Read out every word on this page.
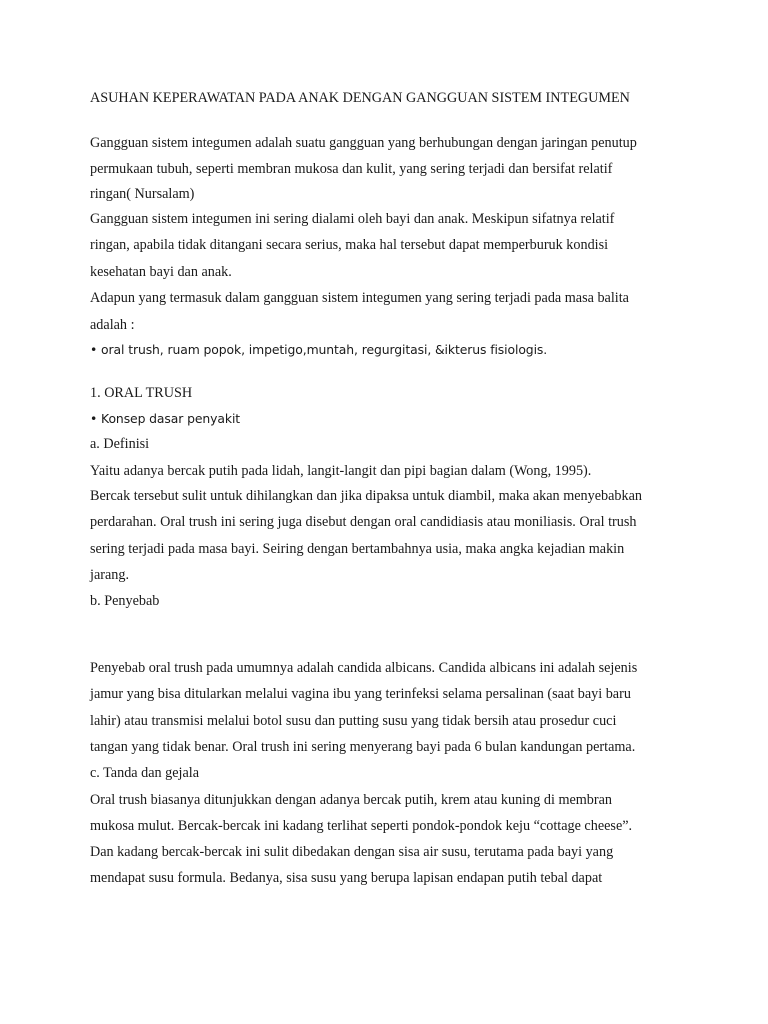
ASUHAN KEPERAWATAN PADA ANAK DENGAN GANGGUAN SISTEM INTEGUMEN
Gangguan sistem integumen adalah suatu gangguan yang berhubungan dengan jaringan penutup
permukaan tubuh, seperti membran mukosa dan kulit, yang sering terjadi dan bersifat relatif
ringan( Nursalam)
Gangguan sistem integumen ini sering dialami oleh bayi dan anak. Meskipun sifatnya relatif
ringan, apabila tidak ditangani secara serius, maka hal tersebut dapat memperburuk kondisi
kesehatan bayi dan anak.
Adapun yang termasuk dalam gangguan sistem integumen yang sering terjadi pada masa balita
adalah :
• oral trush, ruam popok, impetigo,muntah, regurgitasi, &ikterus fisiologis.
1. ORAL TRUSH
• Konsep dasar penyakit
a. Definisi
Yaitu adanya bercak putih pada lidah, langit-langit dan pipi bagian dalam (Wong, 1995).
Bercak tersebut sulit untuk dihilangkan dan jika dipaksa untuk diambil, maka akan menyebabkan
perdarahan. Oral trush ini sering juga disebut dengan oral candidiasis atau moniliasis. Oral trush
sering terjadi pada masa bayi. Seiring dengan bertambahnya usia, maka angka kejadian makin
jarang.
b. Penyebab
Penyebab oral trush pada umumnya adalah candida albicans. Candida albicans ini adalah sejenis
jamur yang bisa ditularkan melalui vagina ibu yang terinfeksi selama persalinan (saat bayi baru
lahir) atau transmisi melalui botol susu dan putting susu yang tidak bersih atau prosedur cuci
tangan yang tidak benar. Oral trush ini sering menyerang bayi pada 6 bulan kandungan pertama.
c. Tanda dan gejala
Oral trush biasanya ditunjukkan dengan adanya bercak putih, krem atau kuning di membran
mukosa mulut. Bercak-bercak ini kadang terlihat seperti pondok-pondok keju “cottage cheese”.
Dan kadang bercak-bercak ini sulit dibedakan dengan sisa air susu, terutama pada bayi yang
mendapat susu formula. Bedanya, sisa susu yang berupa lapisan endapan putih tebal dapat
